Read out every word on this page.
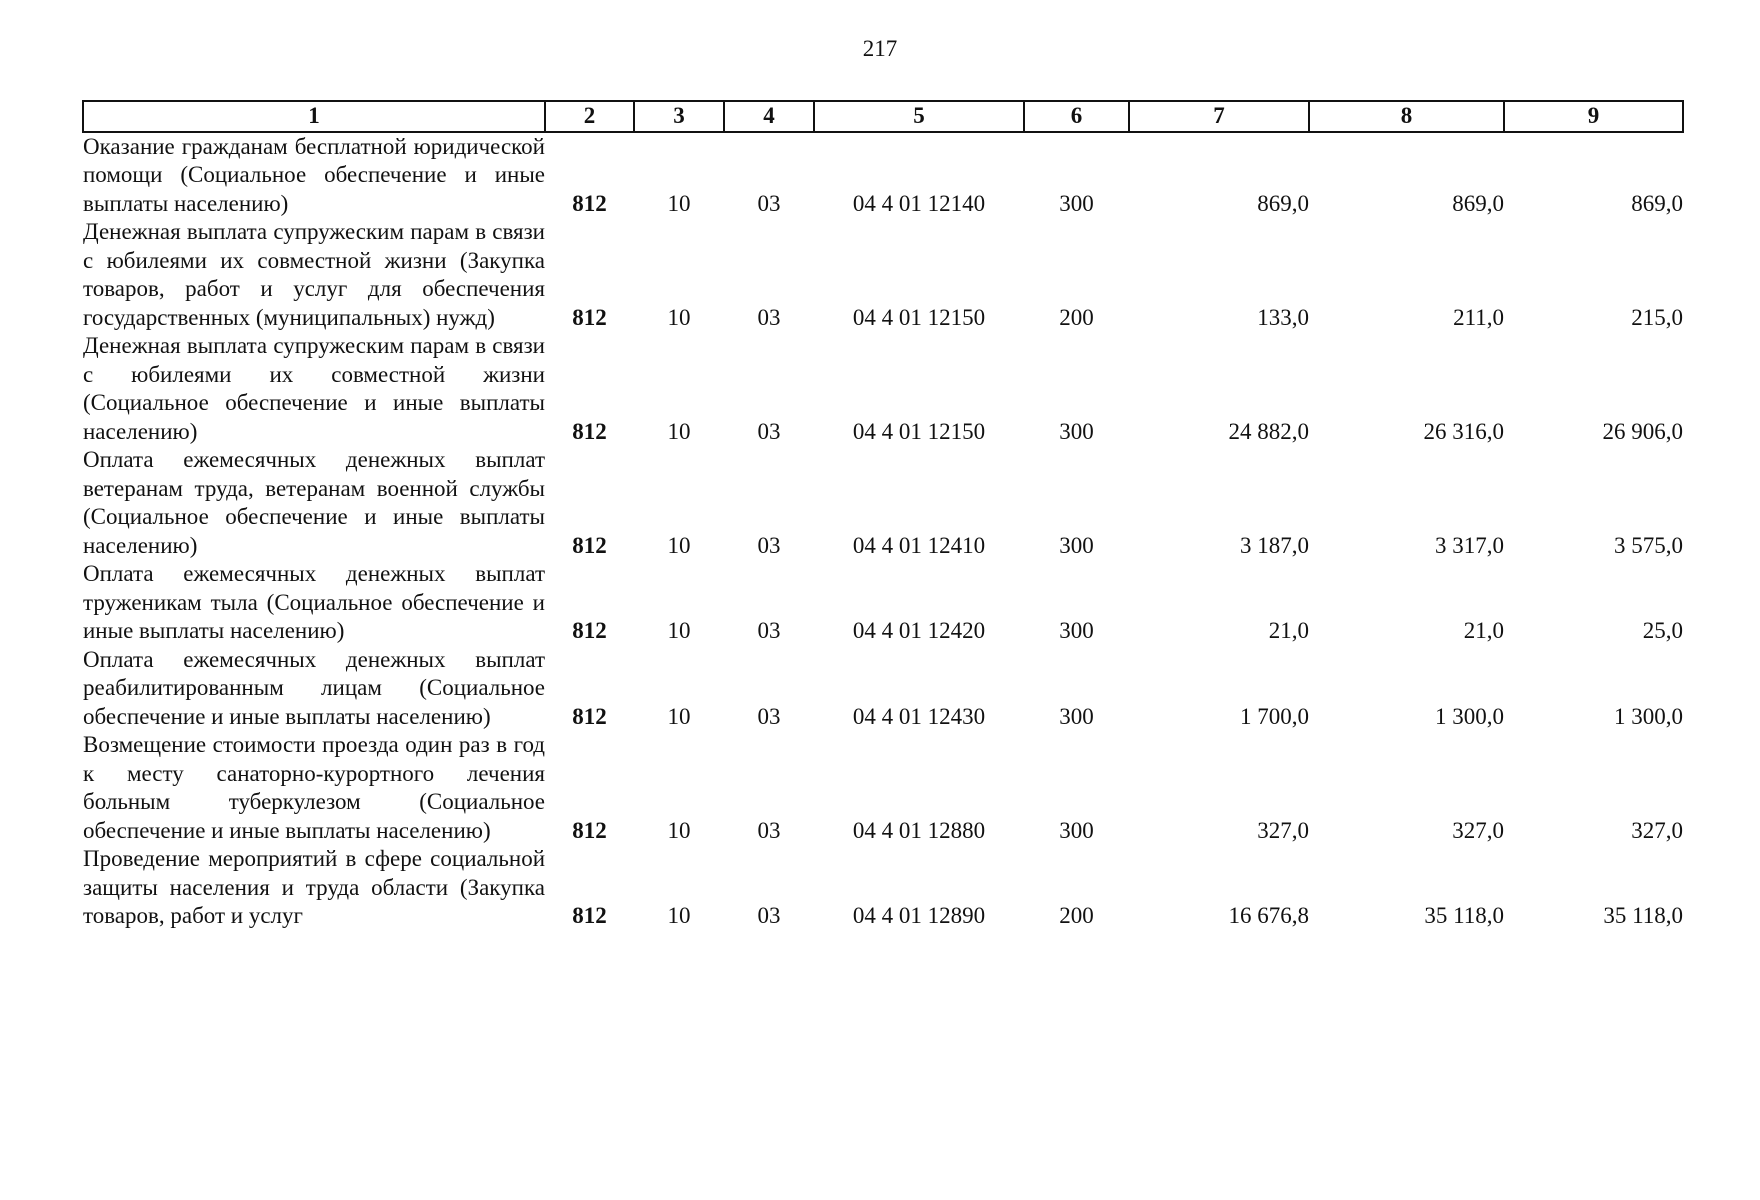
217
1	2	3	4	5	6	7	8	9
Оказание гражданам бесплатной юридической помощи (Социальное обеспечение и иные выплаты населению)	812	10	03	04 4 01 12140	300	869,0	869,0	869,0
Денежная выплата супружеским парам в связи с юбилеями их совместной жизни (Закупка товаров, работ и услуг для обеспечения государственных (муниципальных) нужд)	812	10	03	04 4 01 12150	200	133,0	211,0	215,0
Денежная выплата супружеским парам в связи с юбилеями их совместной жизни (Социальное обеспечение и иные выплаты населению)	812	10	03	04 4 01 12150	300	24 882,0	26 316,0	26 906,0
Оплата ежемесячных денежных выплат ветеранам труда, ветеранам военной службы (Социальное обеспечение и иные выплаты населению)	812	10	03	04 4 01 12410	300	3 187,0	3 317,0	3 575,0
Оплата ежемесячных денежных выплат труженикам тыла (Социальное обеспечение и иные выплаты населению)	812	10	03	04 4 01 12420	300	21,0	21,0	25,0
Оплата ежемесячных денежных выплат реабилитированным лицам (Социальное обеспечение и иные выплаты населению)	812	10	03	04 4 01 12430	300	1 700,0	1 300,0	1 300,0
Возмещение стоимости проезда один раз в год к месту санаторно-курортного лечения больным туберкулезом (Социальное обеспечение и иные выплаты населению)	812	10	03	04 4 01 12880	300	327,0	327,0	327,0
Проведение мероприятий в сфере социальной защиты населения и труда области (Закупка товаров, работ и услуг	812	10	03	04 4 01 12890	200	16 676,8	35 118,0	35 118,0
